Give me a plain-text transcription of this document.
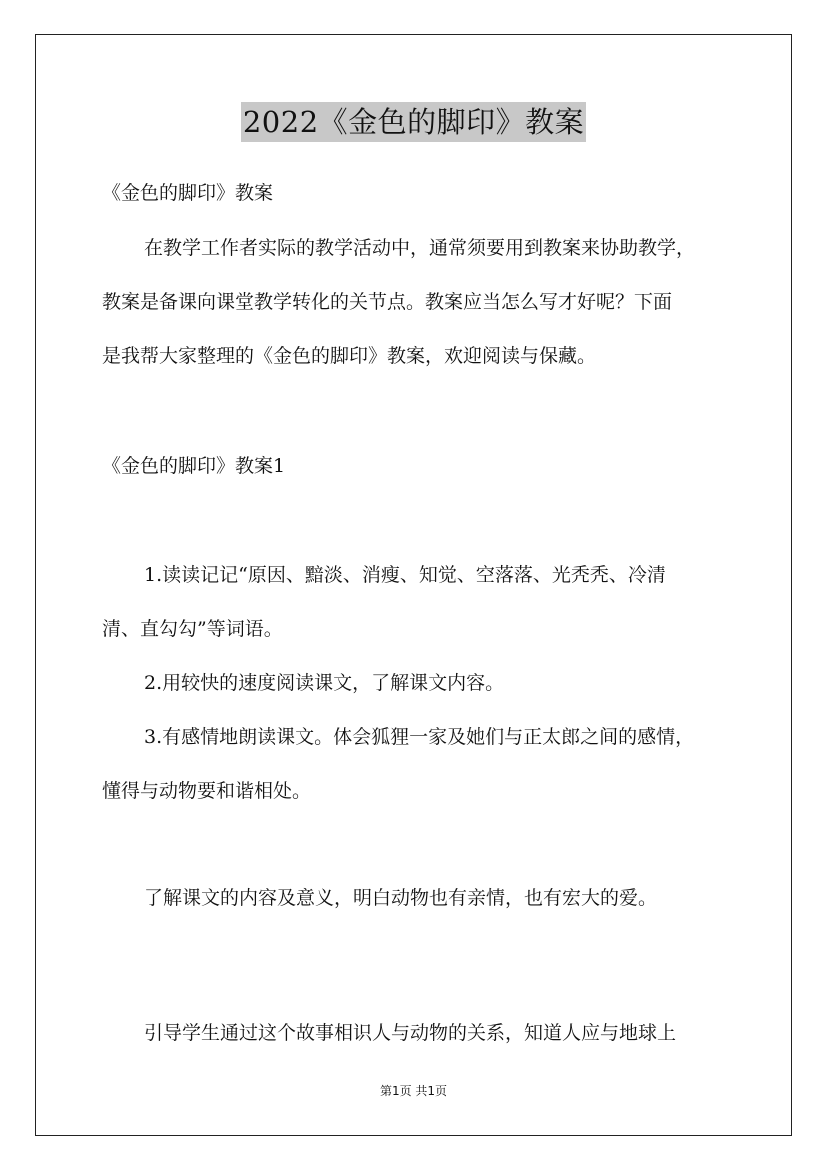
2022《金色的脚印》教案
《金色的脚印》教案
在教学工作者实际的教学活动中，通常须要用到教案来协助教学，
教案是备课向课堂教学转化的关节点。教案应当怎么写才好呢？下面
是我帮大家整理的《金色的脚印》教案，欢迎阅读与保藏。
《金色的脚印》教案1
1.读读记记“原因、黯淡、消瘦、知觉、空落落、光秃秃、冷清
清、直勾勾”等词语。
2.用较快的速度阅读课文，了解课文内容。
3.有感情地朗读课文。体会狐狸一家及她们与正太郎之间的感情，
懂得与动物要和谐相处。
了解课文的内容及意义，明白动物也有亲情，也有宏大的爱。
引导学生通过这个故事相识人与动物的关系，知道人应与地球上
第1页 共1页
